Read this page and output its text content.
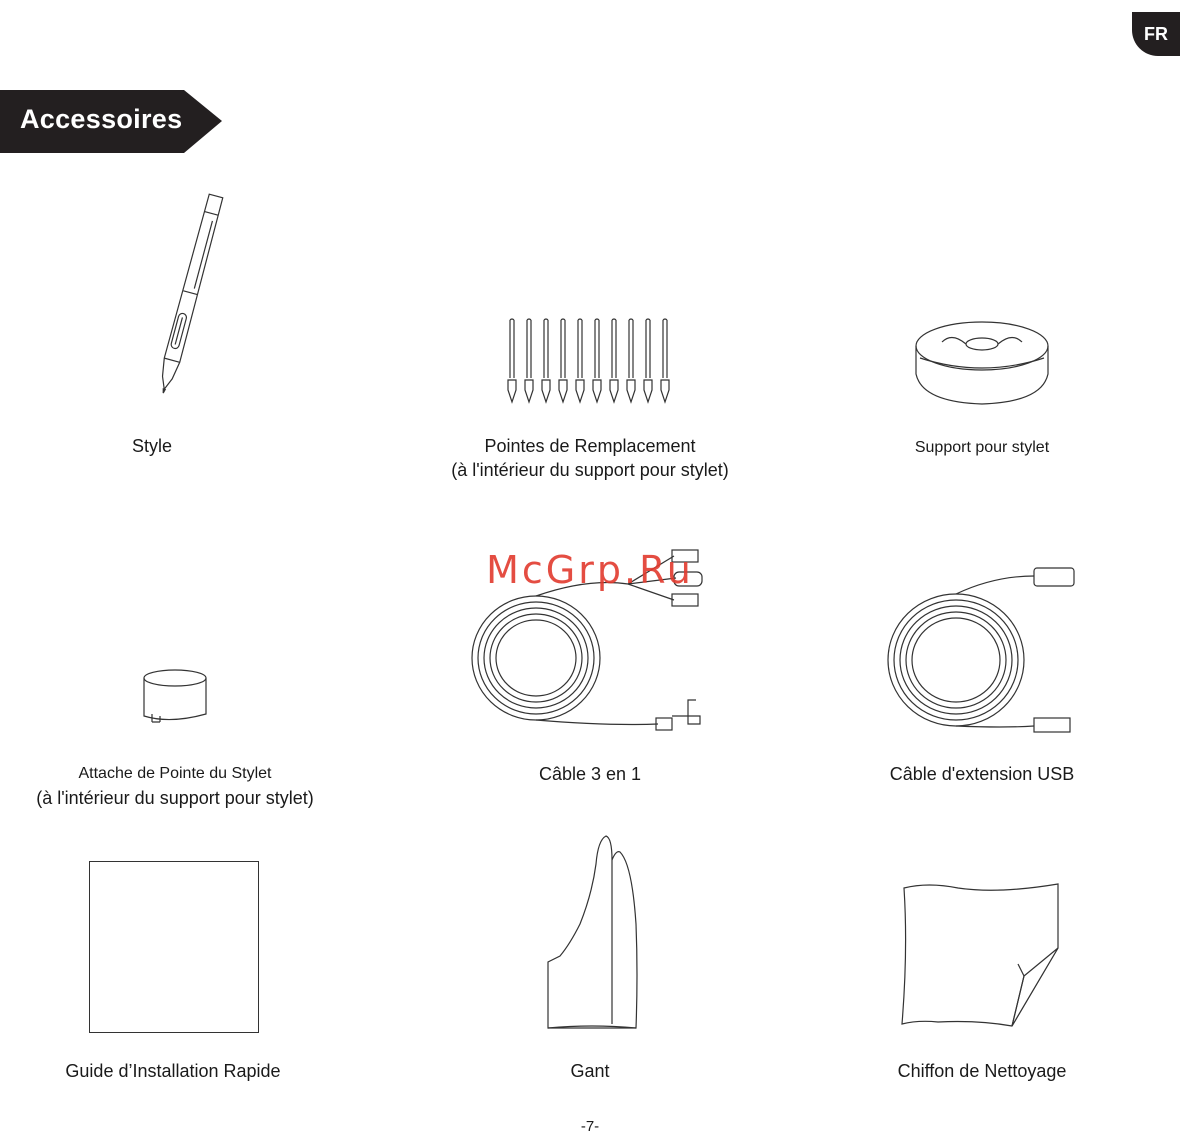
FR
Accessoires
Style	Pointes de Remplacement
(à l'intérieur du support pour stylet)
Support pour stylet
Attache de Pointe du Stylet
(à l'intérieur du support pour stylet)
Câble 3 en 1	Câble d'extension USB
Guide d’Installation Rapide	Gant	Chiffon de Nettoyage
McGrp.Ru
-7-
